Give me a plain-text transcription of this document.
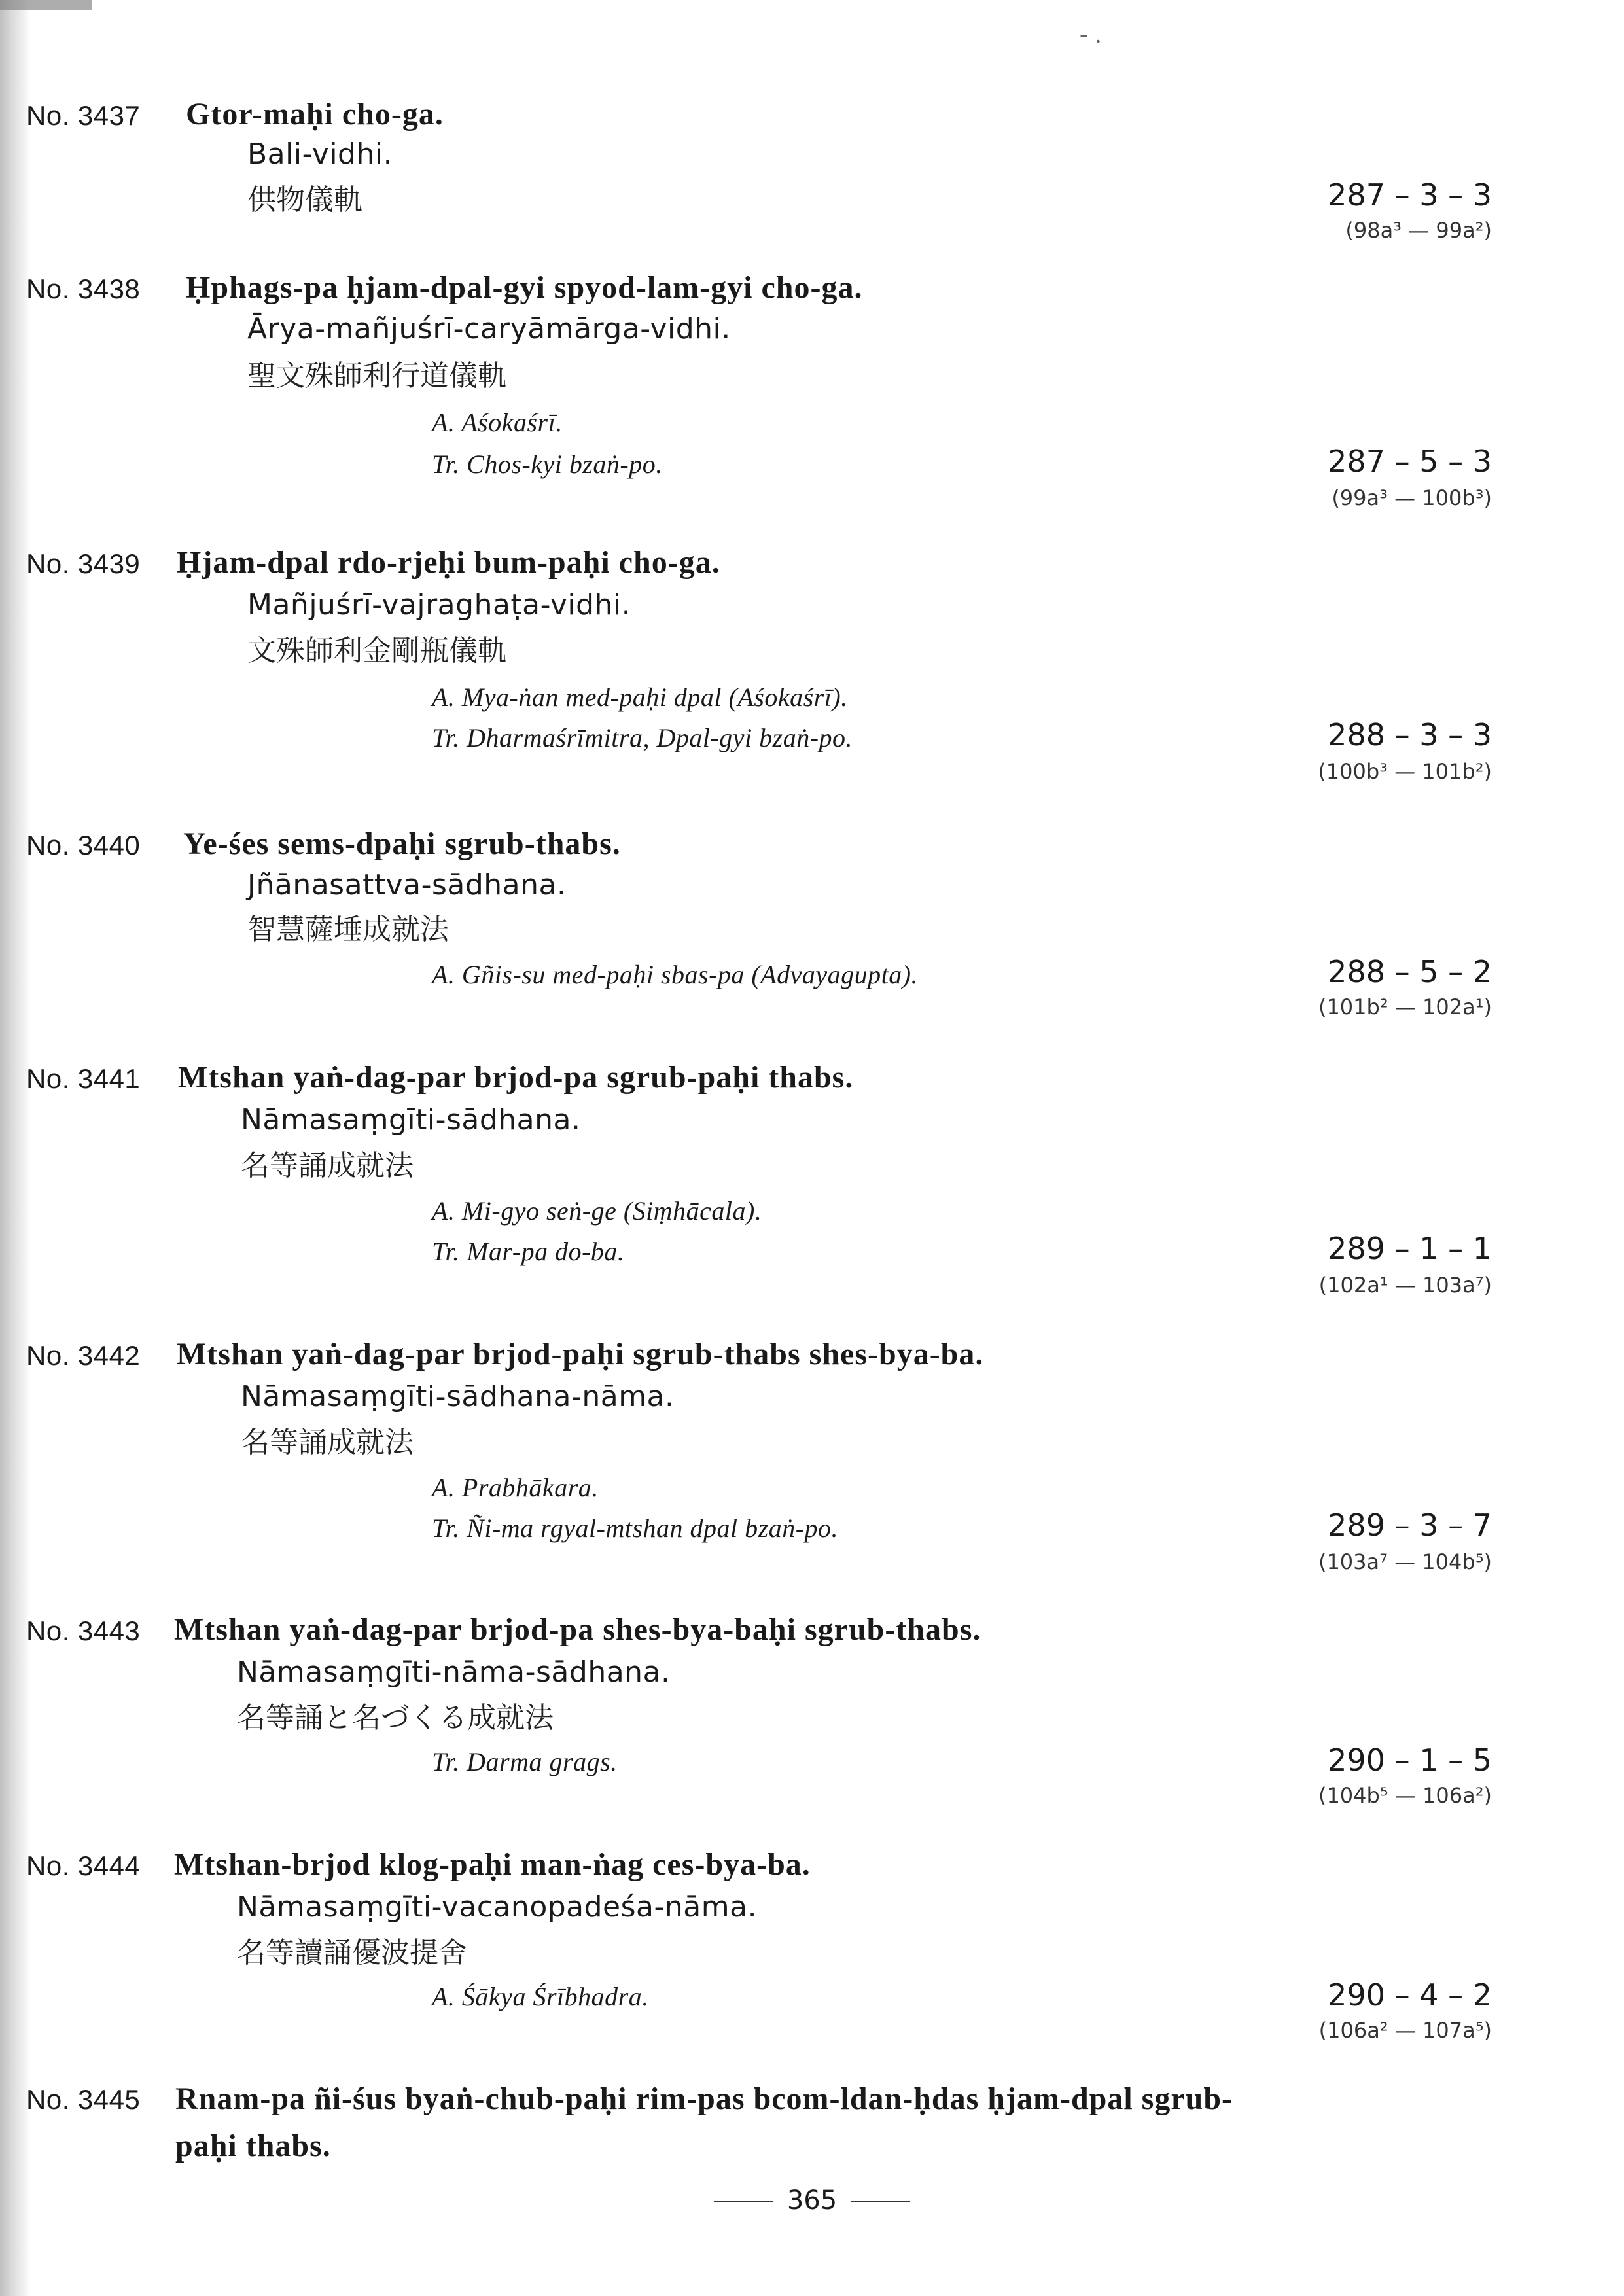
- .
No. 3437 Gtor-maḥi cho-ga.
Bali-vidhi.
供物儀軌	287 – 3 – 3
(98a³ — 99a²)
No. 3438 Ḥphags-pa ḥjam-dpal-gyi spyod-lam-gyi cho-ga.
Ārya-mañjuśrī-caryāmārga-vidhi.
聖文殊師利行道儀軌
A. Aśokaśrī.
Tr. Chos-kyi bzaṅ-po.	287 – 5 – 3
(99a³ — 100b³)
No. 3439 Ḥjam-dpal rdo-rjeḥi bum-paḥi cho-ga.
Mañjuśrī-vajraghaṭa-vidhi.
文殊師利金剛瓶儀軌
A. Mya-ṅan med-paḥi dpal (Aśokaśrī).
Tr. Dharmaśrīmitra, Dpal-gyi bzaṅ-po.	288 – 3 – 3
(100b³ — 101b²)
No. 3440 Ye-śes sems-dpaḥi sgrub-thabs.
Jñānasattva-sādhana.
智慧薩埵成就法
A. Gñis-su med-paḥi sbas-pa (Advayagupta).	288 – 5 – 2
(101b² — 102a¹)
No. 3441 Mtshan yaṅ-dag-par brjod-pa sgrub-paḥi thabs.
Nāmasaṃgīti-sādhana.
名等誦成就法
A. Mi-gyo seṅ-ge (Siṃhācala).
Tr. Mar-pa do-ba.	289 – 1 – 1
(102a¹ — 103a⁷)
No. 3442 Mtshan yaṅ-dag-par brjod-paḥi sgrub-thabs shes-bya-ba.
Nāmasaṃgīti-sādhana-nāma.
名等誦成就法
A. Prabhākara.
Tr. Ñi-ma rgyal-mtshan dpal bzaṅ-po.	289 – 3 – 7
(103a⁷ — 104b⁵)
No. 3443 Mtshan yaṅ-dag-par brjod-pa shes-bya-baḥi sgrub-thabs.
Nāmasaṃgīti-nāma-sādhana.
名等誦と名づくる成就法
Tr. Darma grags.	290 – 1 – 5
(104b⁵ — 106a²)
No. 3444 Mtshan-brjod klog-paḥi man-ṅag ces-bya-ba.
Nāmasaṃgīti-vacanopadeśa-nāma.
名等讀誦優波提舍
A. Śākya Śrībhadra.	290 – 4 – 2
(106a² — 107a⁵)
No. 3445 Rnam-pa ñi-śus byaṅ-chub-paḥi rim-pas bcom-ldan-ḥdas ḥjam-dpal sgrub-paḥi thabs.
365
